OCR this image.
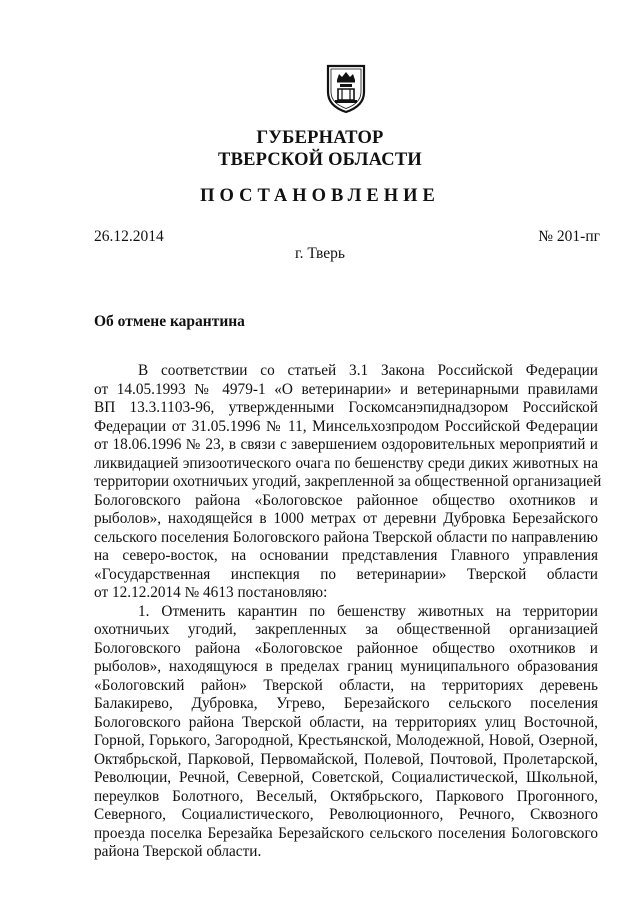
ГУБЕРНАТОР
ТВЕРСКОЙ ОБЛАСТИ
ПОСТАНОВЛЕНИЕ
26.12.2014	№ 201-пг
г. Тверь
Об отмене карантина
В соответствии со статьей 3.1 Закона Российской Федерации
от 14.05.1993 № 4979-1 «О ветеринарии» и ветеринарными правилами
ВП 13.3.1103-96, утвержденными Госкомсанэпиднадзором Российской
Федерации от 31.05.1996 № 11, Минсельхозпродом Российской Федерации
от 18.06.1996 № 23, в связи с завершением оздоровительных мероприятий и
ликвидацией эпизоотического очага по бешенству среди диких животных на
территории охотничьих угодий, закрепленной за общественной организацией
Бологовского района «Бологовское районное общество охотников и
рыболов», находящейся в 1000 метрах от деревни Дубровка Березайского
сельского поселения Бологовского района Тверской области по направлению
на северо-восток, на основании представления Главного управления
«Государственная инспекция по ветеринарии» Тверской области
от 12.12.2014 № 4613 постановляю:
1. Отменить карантин по бешенству животных на территории
охотничьих угодий, закрепленных за общественной организацией
Бологовского района «Бологовское районное общество охотников и
рыболов», находящуюся в пределах границ муниципального образования
«Бологовский район» Тверской области, на территориях деревень
Балакирево, Дубровка, Угрево, Березайского сельского поселения
Бологовского района Тверской области, на территориях улиц Восточной,
Горной, Горького, Загородной, Крестьянской, Молодежной, Новой, Озерной,
Октябрьской, Парковой, Первомайской, Полевой, Почтовой, Пролетарской,
Революции, Речной, Северной, Советской, Социалистической, Школьной,
переулков Болотного, Веселый, Октябрьского, Паркового Прогонного,
Северного, Социалистического, Революционного, Речного, Сквозного
проезда поселка Березайка Березайского сельского поселения Бологовского
района Тверской области.
